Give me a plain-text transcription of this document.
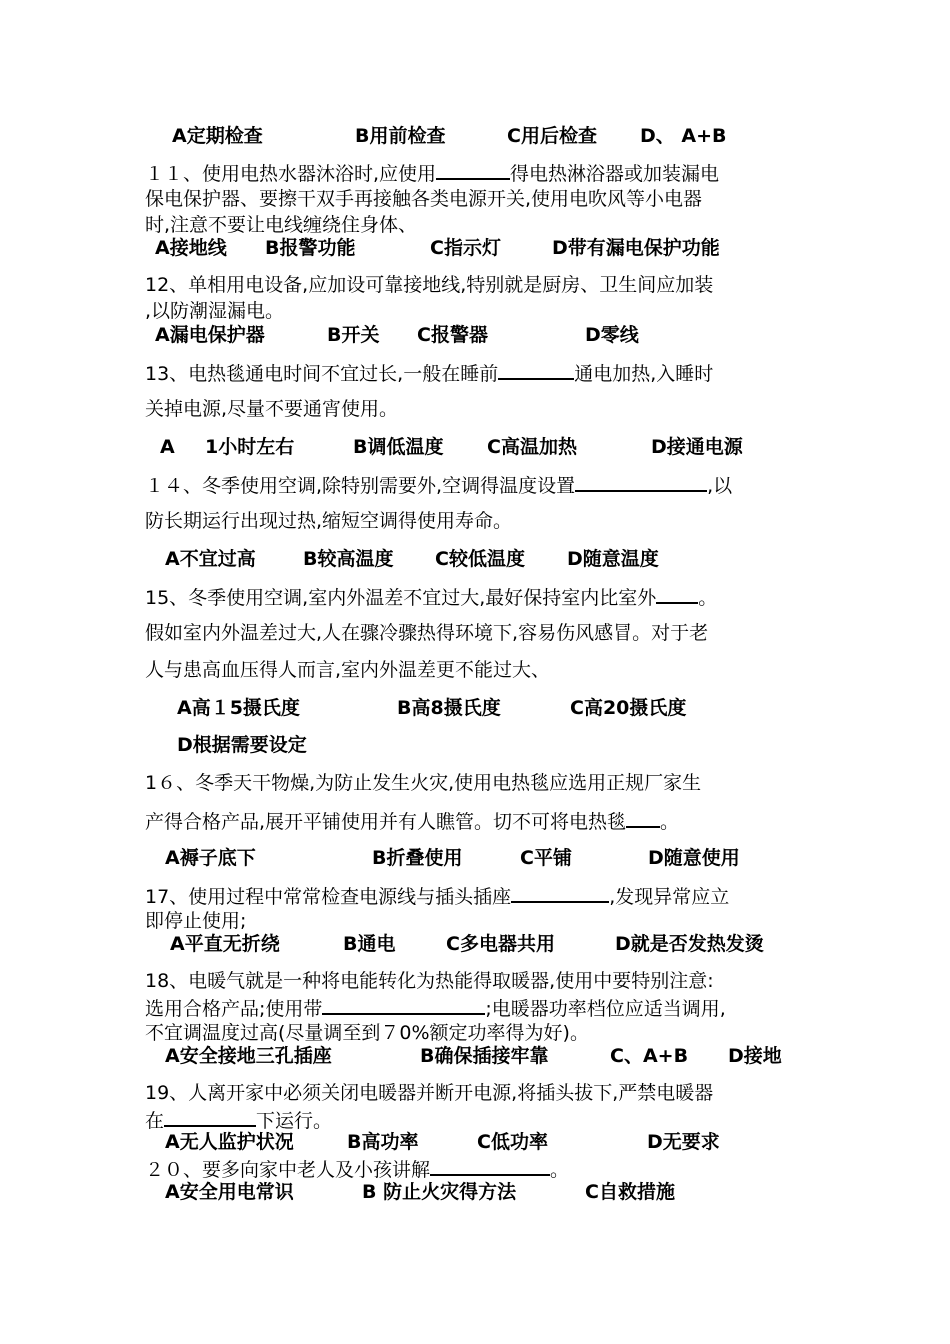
A定期检查	B用前检查	C用后检查 D、 A+B
１１、使用电热水器沐浴时,应使用	得电热淋浴器或加装漏电
保电保护器、要擦干双手再接触各类电源开关,使用电吹风等小电器
时,注意不要让电线缠绕住身体、
A接地线 B报警功能	C指示灯	D带有漏电保护功能
12、单相用电设备,应加设可靠接地线,特别就是厨房、卫生间应加装
,以防潮湿漏电。
A漏电保护器	B开关 C报警器	D零线
13、电热毯通电时间不宜过长,一般在睡前	通电加热,入睡时
关掉电源,尽量不要通宵使用。
A 1小时左右	B调低温度 C高温加热	D接通电源
１４、冬季使用空调,除特别需要外,空调得温度设置	,以
防长期运行出现过热,缩短空调得使用寿命。
A不宜过高 B较高温度 C较低温度 D随意温度
15、冬季使用空调,室内外温差不宜过大,最好保持室内比室外 。
假如室内外温差过大,人在骤冷骤热得环境下,容易伤风感冒。对于老
人与患高血压得人而言,室内外温差更不能过大、
A高１5摄氏度	B高8摄氏度	C高20摄氏度
D根据需要设定
1６、冬季天干物燥,为防止发生火灾,使用电热毯应选用正规厂家生
产得合格产品,展开平铺使用并有人瞧管。切不可将电热毯 。
A褥子底下	B折叠使用	C平铺	D随意使用
17、使用过程中常常检查电源线与插头插座	,发现异常应立
即停止使用;
A平直无折绕	B通电	C多电器共用	D就是否发热发烫
18、电暖气就是一种将电能转化为热能得取暖器,使用中要特别注意:
选用合格产品;使用带	;电暖器功率档位应适当调用,
不宜调温度过高(尽量调至到７0%额定功率得为好)。
A安全接地三孔插座	B确保插接牢靠	C、A+B D接地
19、人离开家中必须关闭电暖器并断开电源,将插头拔下,严禁电暖器
在	下运行。
A无人监护状况	B高功率	C低功率	D无要求
２０、要多向家中老人及小孩讲解	。
A安全用电常识	B 防止火灾得方法	C自救措施
